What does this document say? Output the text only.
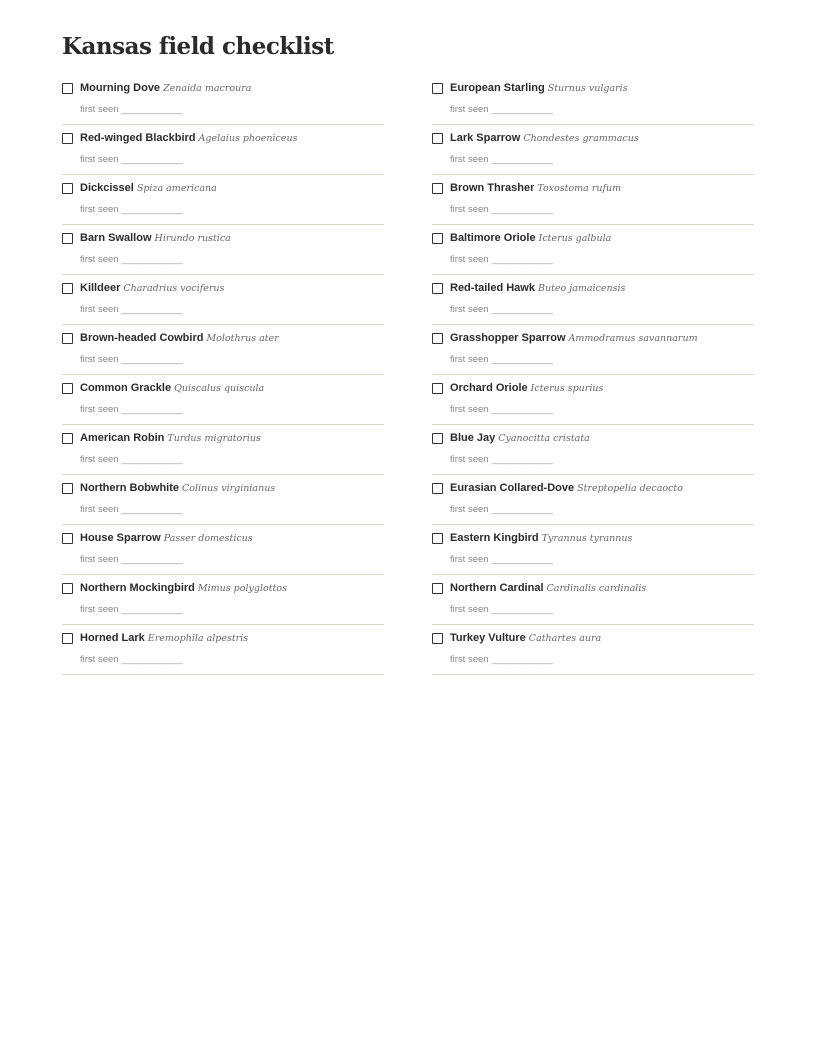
Kansas field checklist
Mourning Dove Zenaida macroura
first seen ____________
Red-winged Blackbird Agelaius phoeniceus
first seen ____________
Dickcissel Spiza americana
first seen ____________
Barn Swallow Hirundo rustica
first seen ____________
Killdeer Charadrius vociferus
first seen ____________
Brown-headed Cowbird Molothrus ater
first seen ____________
Common Grackle Quiscalus quiscula
first seen ____________
American Robin Turdus migratorius
first seen ____________
Northern Bobwhite Colinus virginianus
first seen ____________
House Sparrow Passer domesticus
first seen ____________
Northern Mockingbird Mimus polyglottos
first seen ____________
Horned Lark Eremophila alpestris
first seen ____________
European Starling Sturnus vulgaris
first seen ____________
Lark Sparrow Chondestes grammacus
first seen ____________
Brown Thrasher Toxostoma rufum
first seen ____________
Baltimore Oriole Icterus galbula
first seen ____________
Red-tailed Hawk Buteo jamaicensis
first seen ____________
Grasshopper Sparrow Ammodramus savannarum
first seen ____________
Orchard Oriole Icterus spurius
first seen ____________
Blue Jay Cyanocitta cristata
first seen ____________
Eurasian Collared-Dove Streptopelia decaocto
first seen ____________
Eastern Kingbird Tyrannus tyrannus
first seen ____________
Northern Cardinal Cardinalis cardinalis
first seen ____________
Turkey Vulture Cathartes aura
first seen ____________
